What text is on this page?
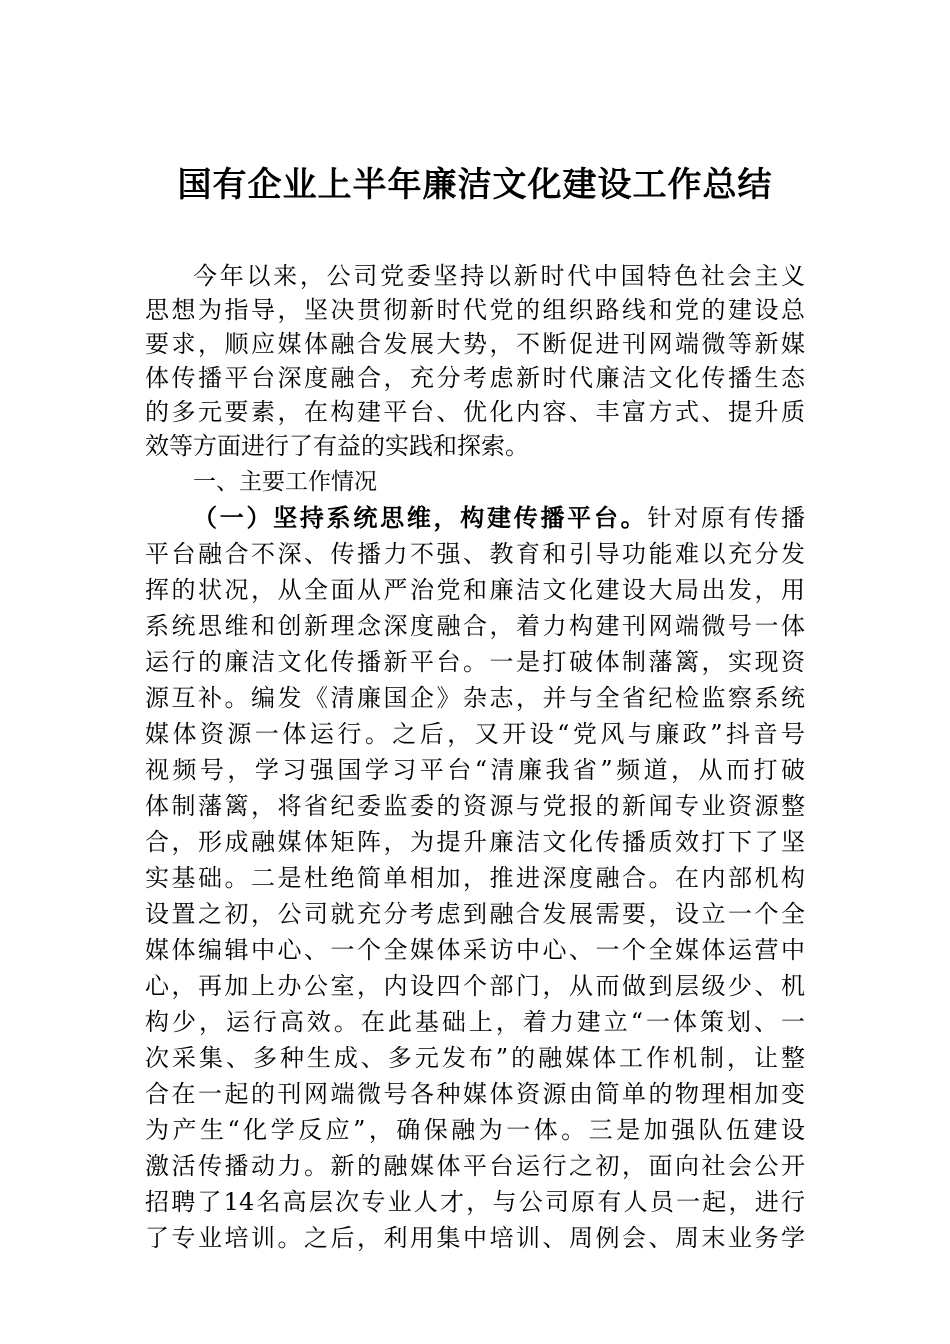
国有企业上半年廉洁文化建设工作总结
今年以来，公司党委坚持以新时代中国特色社会主义
思想为指导，坚决贯彻新时代党的组织路线和党的建设总
要求，顺应媒体融合发展大势，不断促进刊网端微等新媒
体传播平台深度融合，充分考虑新时代廉洁文化传播生态
的多元要素，在构建平台、优化内容、丰富方式、提升质
效等方面进行了有益的实践和探索。
一、主要工作情况
（一）坚持系统思维，构建传播平台。针对原有传播
平台融合不深、传播力不强、教育和引导功能难以充分发
挥的状况，从全面从严治党和廉洁文化建设大局出发，用
系统思维和创新理念深度融合，着力构建刊网端微号一体
运行的廉洁文化传播新平台。一是打破体制藩篱，实现资
源互补。编发《清廉国企》杂志，并与全省纪检监察系统
媒体资源一体运行。之后，又开设“党风与廉政”抖音号
视频号，学习强国学习平台“清廉我省”频道，从而打破
体制藩篱，将省纪委监委的资源与党报的新闻专业资源整
合，形成融媒体矩阵，为提升廉洁文化传播质效打下了坚
实基础。二是杜绝简单相加，推进深度融合。在内部机构
设置之初，公司就充分考虑到融合发展需要，设立一个全
媒体编辑中心、一个全媒体采访中心、一个全媒体运营中
心，再加上办公室，内设四个部门，从而做到层级少、机
构少，运行高效。在此基础上，着力建立“一体策划、一
次采集、多种生成、多元发布”的融媒体工作机制，让整
合在一起的刊网端微号各种媒体资源由简单的物理相加变
为产生“化学反应”，确保融为一体。三是加强队伍建设
激活传播动力。新的融媒体平台运行之初，面向社会公开
招聘了14名高层次专业人才，与公司原有人员一起，进行
了专业培训。之后，利用集中培训、周例会、周末业务学
